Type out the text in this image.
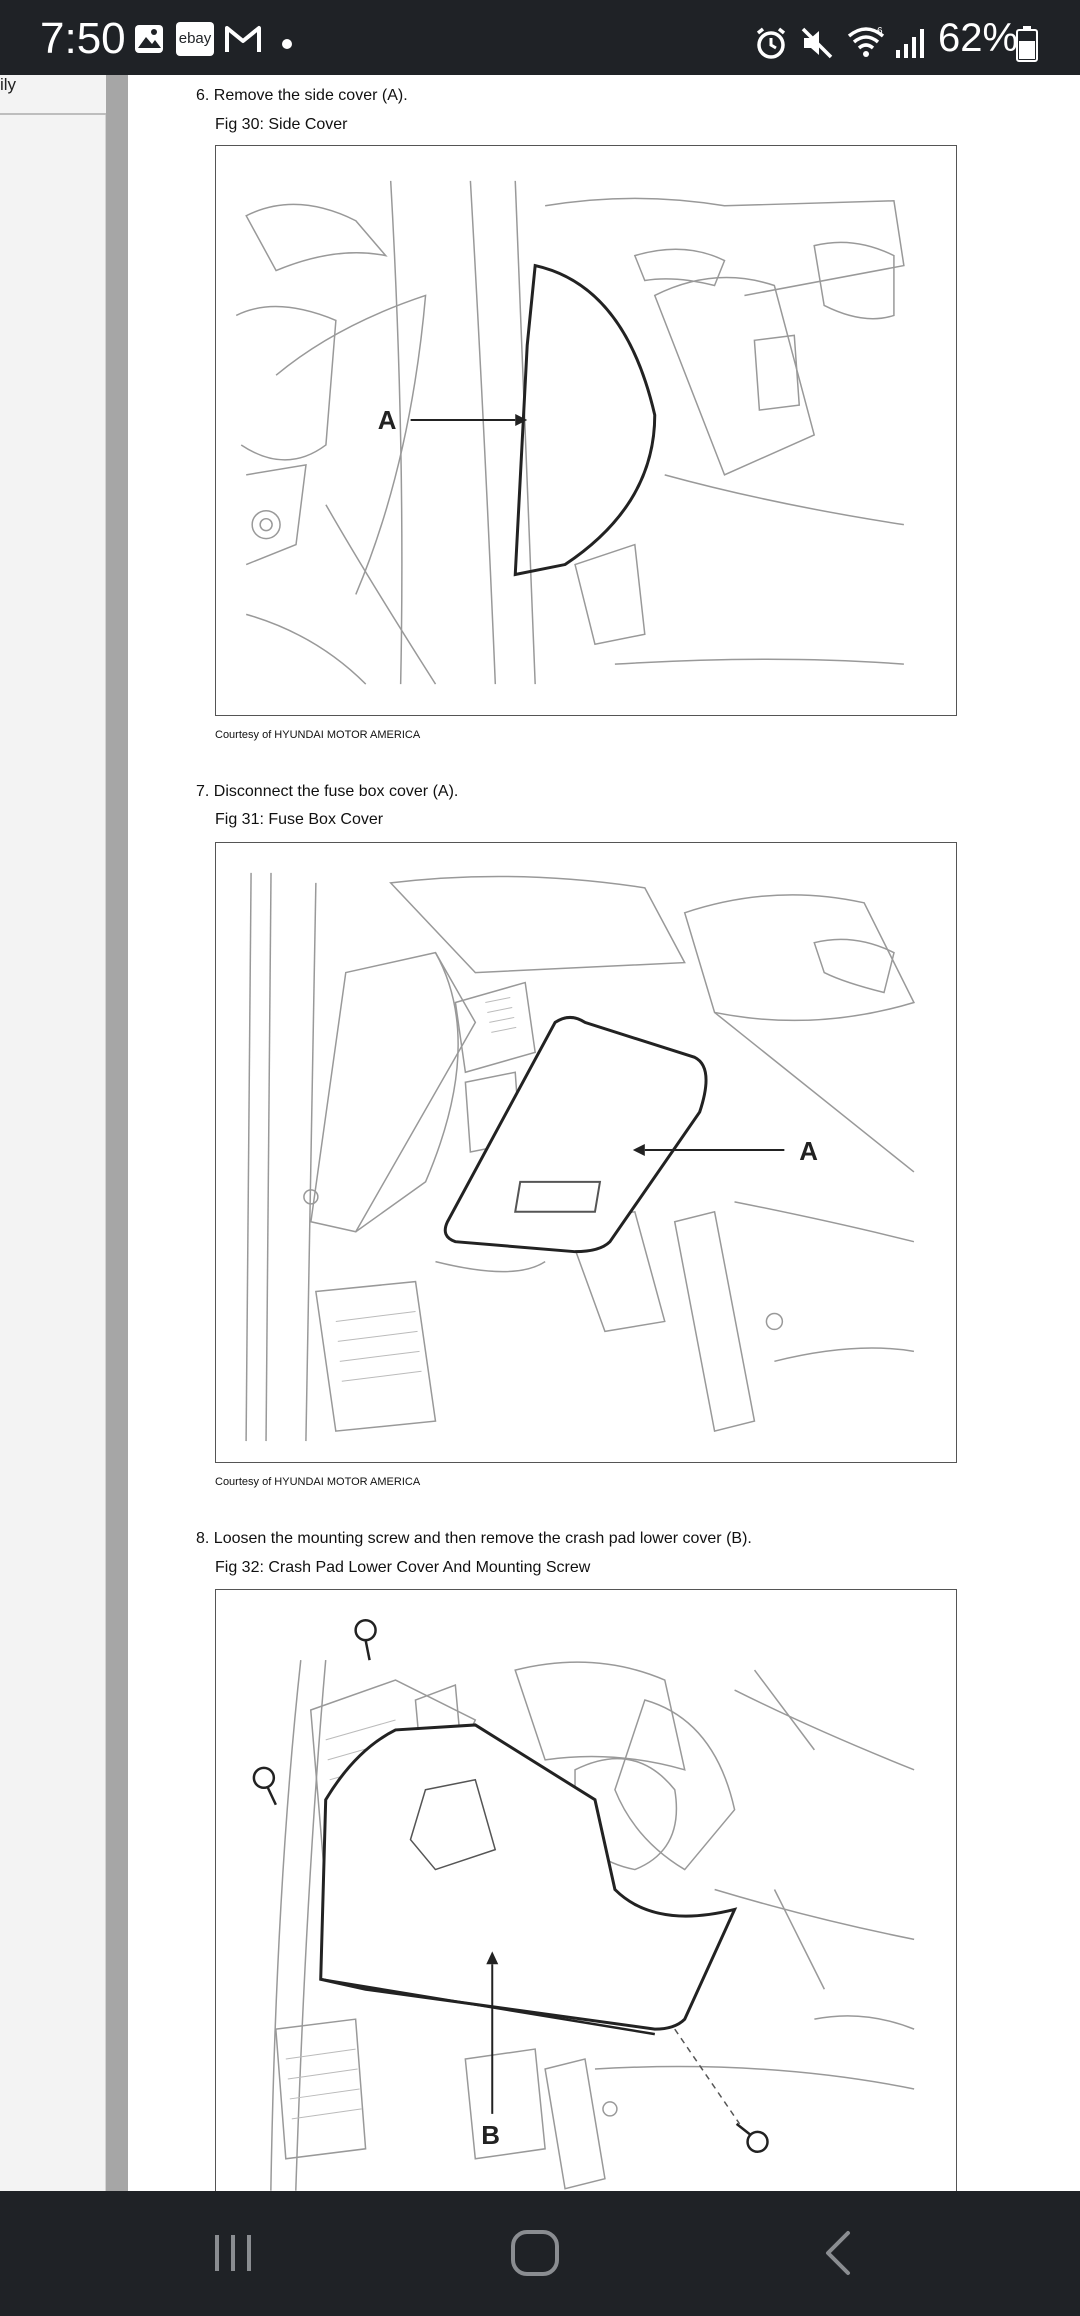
7:50	ebay	6 62%
ily
6. Remove the side cover (A).
Fig 30: Side Cover
A
Courtesy of HYUNDAI MOTOR AMERICA
7. Disconnect the fuse box cover (A).
Fig 31: Fuse Box Cover
A
Courtesy of HYUNDAI MOTOR AMERICA
8. Loosen the mounting screw and then remove the crash pad lower cover (B).
Fig 32: Crash Pad Lower Cover And Mounting Screw
B
